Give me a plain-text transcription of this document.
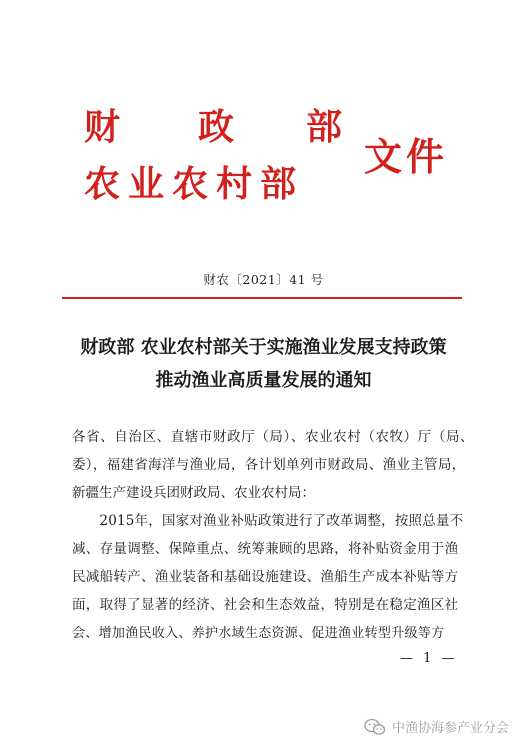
财 政 部
农业农村部
文件
财农〔2021〕41 号
财政部 农业农村部关于实施渔业发展支持政策
推动渔业高质量发展的通知
各省、自治区、直辖市财政厅（局）、农业农村（农牧）厅（局、
委），福建省海洋与渔业局，各计划单列市财政局、渔业主管局，
新疆生产建设兵团财政局、农业农村局：
　　2015年，国家对渔业补贴政策进行了改革调整，按照总量不
减、存量调整、保障重点、统筹兼顾的思路，将补贴资金用于渔
民减船转产、渔业装备和基础设施建设、渔船生产成本补贴等方
面，取得了显著的经济、社会和生态效益，特别是在稳定渔区社
会、增加渔民收入、养护水域生态资源、促进渔业转型升级等方
— 1 —
中渔协海参产业分会
